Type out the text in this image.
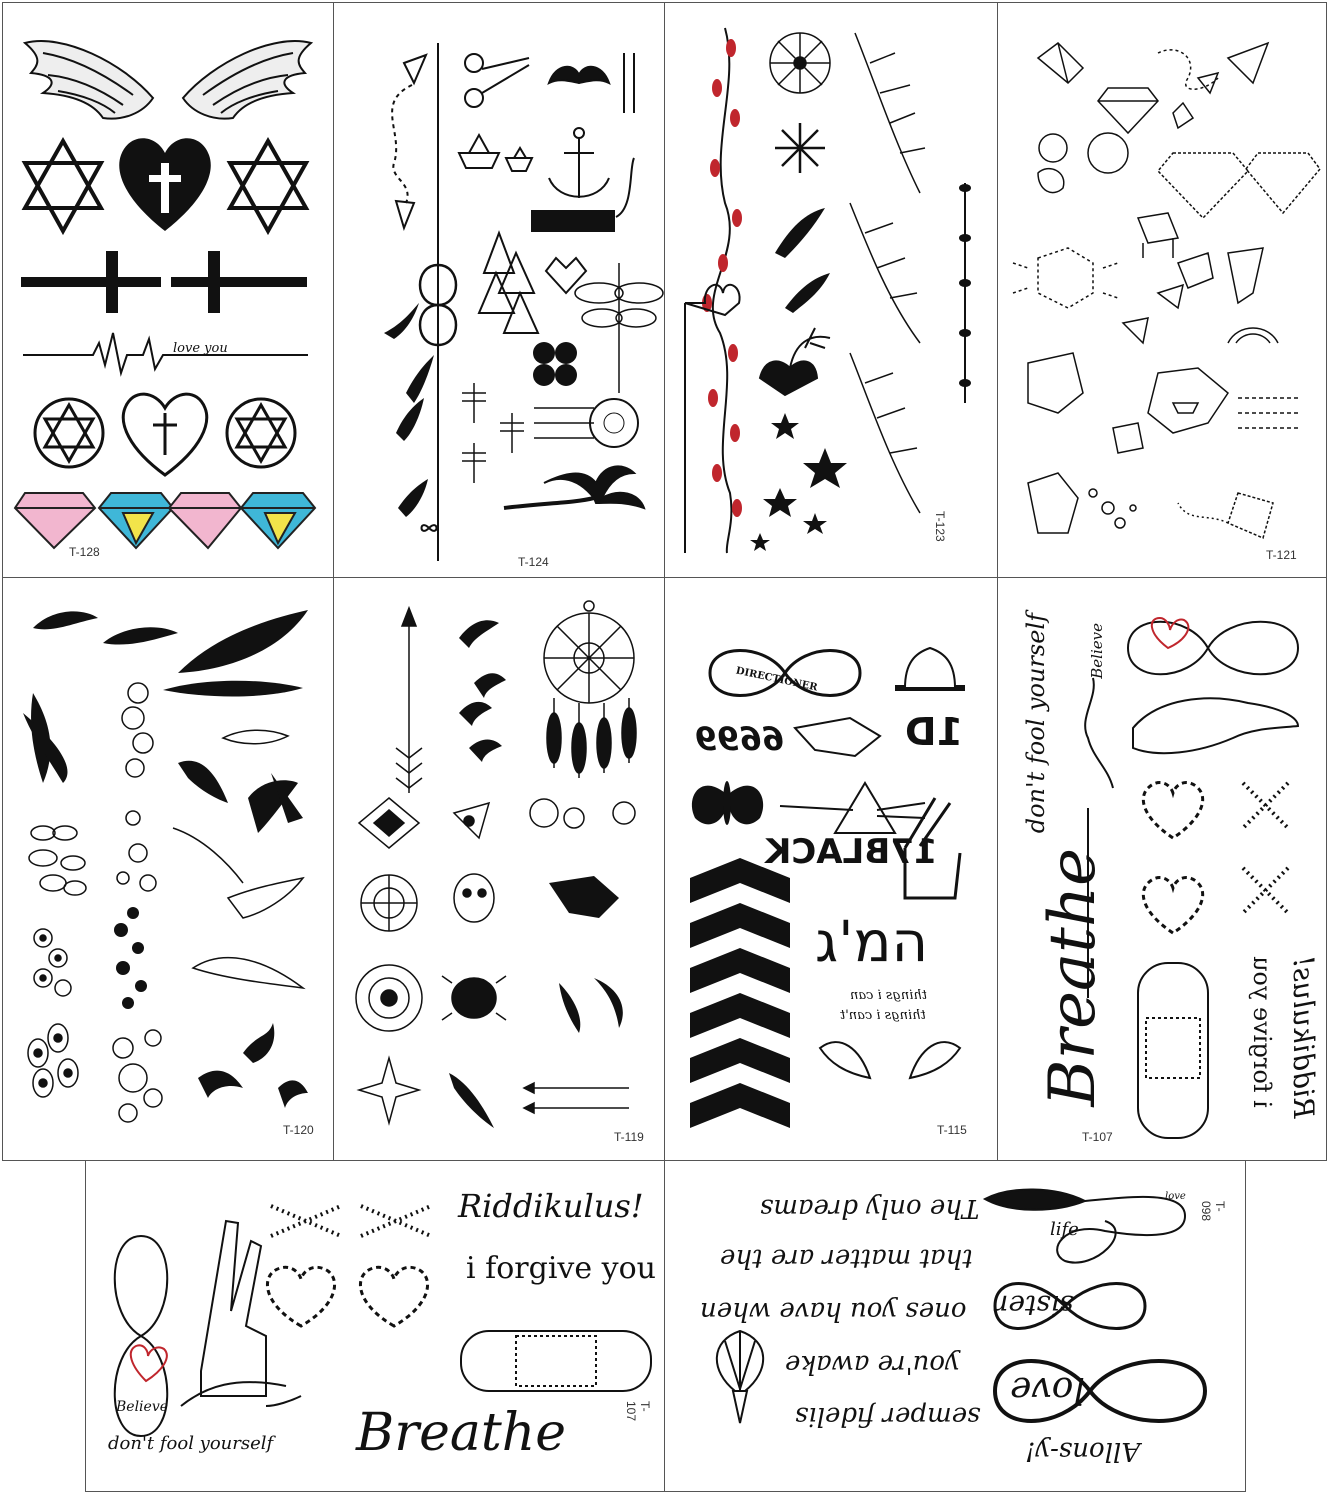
love you
T-128
T-124
T-123
T-121
T-120	T-119
DIRECTIONER
1D
6699
17BLACK
המ'ג
things i can
things i can't
T-115
don't fool yourself	Believe
Breathe	Riddikulus!
i forgive you
T-107
Believe
don't fool yourself Breathe
Riddikulus!
i forgive you
T-107
The only dreams
that matter are the
ones you have when
you're awake
semper fidelis
life
love
sister
love
Allons-y!
T-098
